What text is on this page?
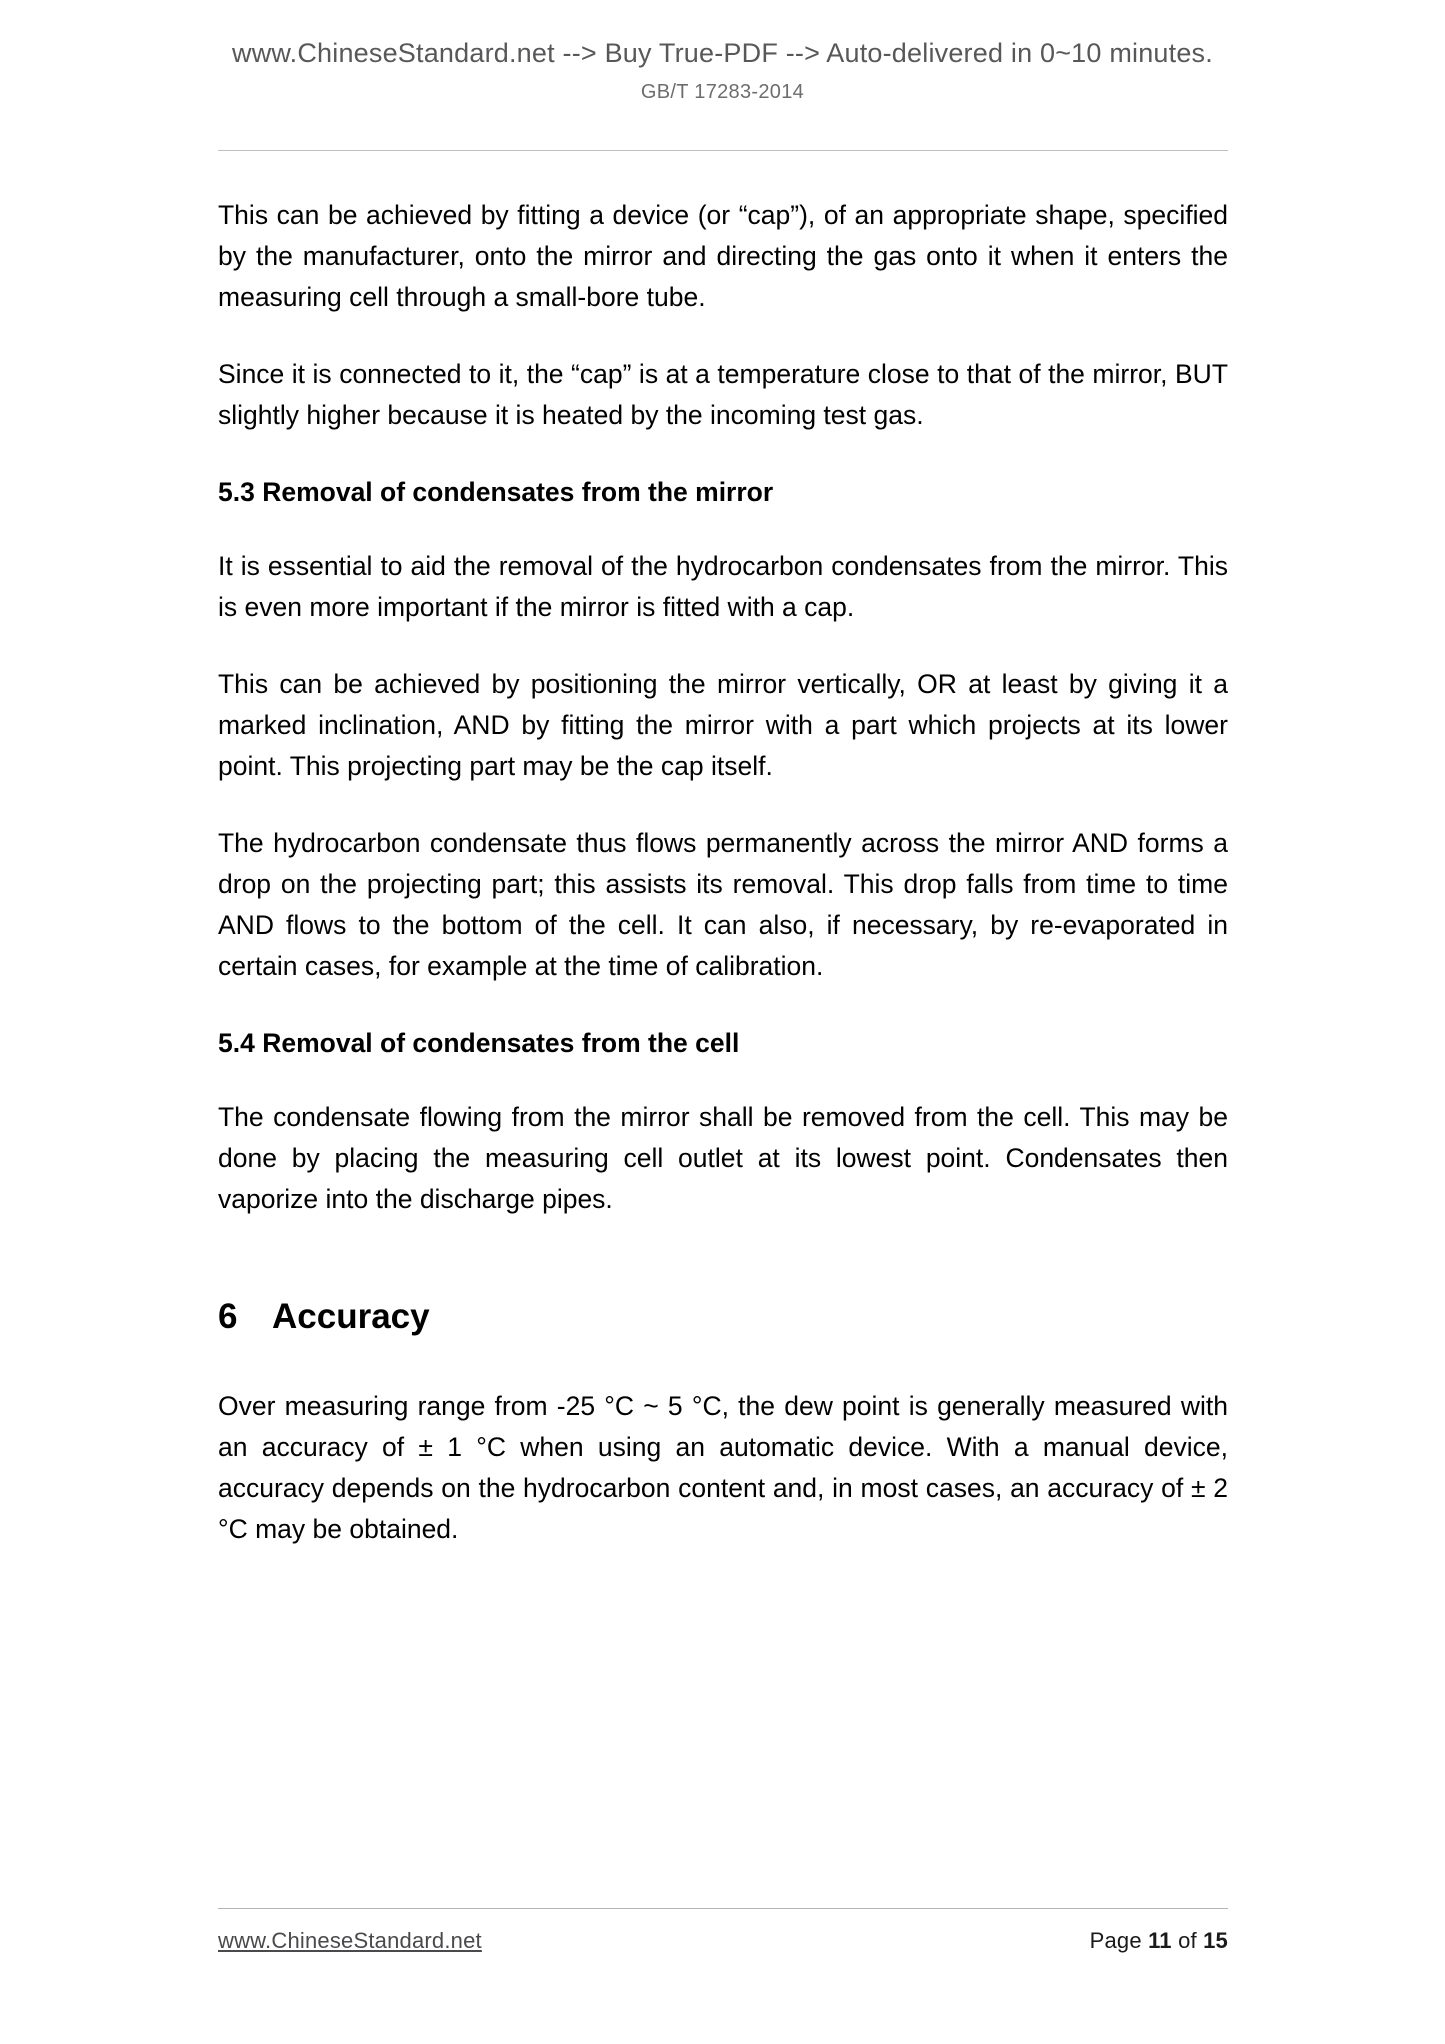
www.ChineseStandard.net --> Buy True-PDF --> Auto-delivered in 0~10 minutes.
GB/T 17283-2014

This can be achieved by fitting a device (or “cap”), of an appropriate shape, specified by the manufacturer, onto the mirror and directing the gas onto it when it enters the measuring cell through a small-bore tube.

Since it is connected to it, the “cap” is at a temperature close to that of the mirror, BUT slightly higher because it is heated by the incoming test gas.

5.3 Removal of condensates from the mirror

It is essential to aid the removal of the hydrocarbon condensates from the mirror. This is even more important if the mirror is fitted with a cap.

This can be achieved by positioning the mirror vertically, OR at least by giving it a marked inclination, AND by fitting the mirror with a part which projects at its lower point. This projecting part may be the cap itself.

The hydrocarbon condensate thus flows permanently across the mirror AND forms a drop on the projecting part; this assists its removal. This drop falls from time to time AND flows to the bottom of the cell. It can also, if necessary, by re-evaporated in certain cases, for example at the time of calibration.

5.4 Removal of condensates from the cell

The condensate flowing from the mirror shall be removed from the cell. This may be done by placing the measuring cell outlet at its lowest point. Condensates then vaporize into the discharge pipes.

6 Accuracy

Over measuring range from -25 °C ~ 5 °C, the dew point is generally measured with an accuracy of ± 1 °C when using an automatic device. With a manual device, accuracy depends on the hydrocarbon content and, in most cases, an accuracy of ± 2 °C may be obtained.

www.ChineseStandard.net	Page 11 of 15
